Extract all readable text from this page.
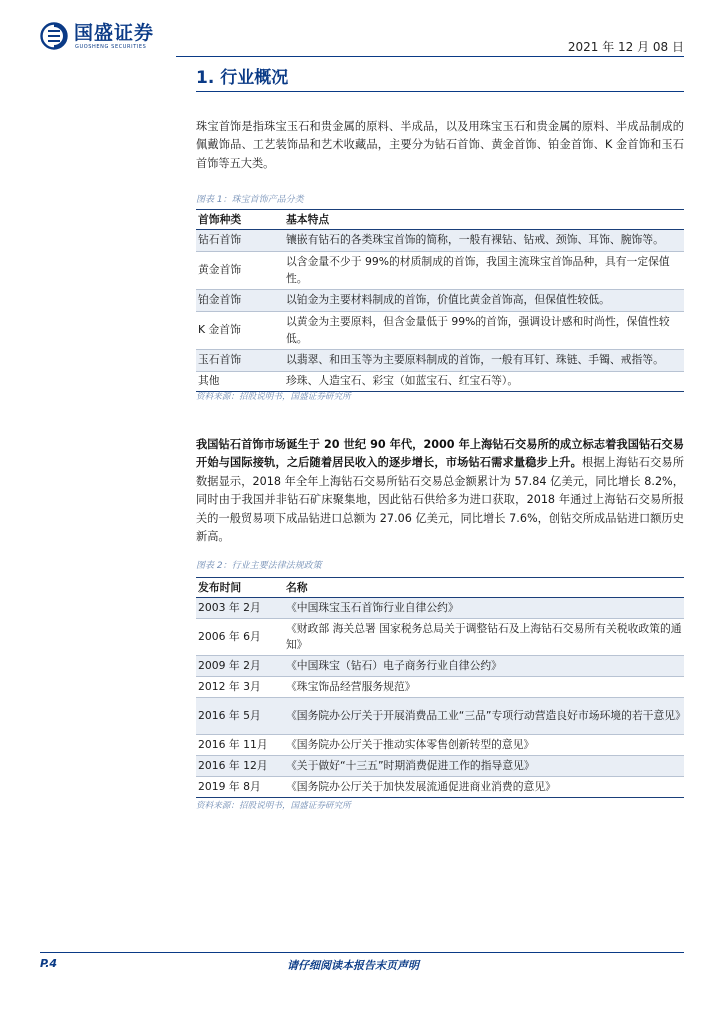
国盛证券
GUOSHENG SECURITIES	2021 年 12 月 08 日
1. 行业概况
珠宝首饰是指珠宝玉石和贵金属的原料、半成品，以及用珠宝玉石和贵金属的原料、半成品制成的佩戴饰品、工艺装饰品和艺术收藏品，主要分为钻石首饰、黄金首饰、铂金首饰、K 金首饰和玉石首饰等五大类。
图表 1：珠宝首饰产品分类
首饰种类	基本特点
钻石首饰	镶嵌有钻石的各类珠宝首饰的简称，一般有裸钻、钻戒、颈饰、耳饰、腕饰等。
黄金首饰	以含金量不少于 99%的材质制成的首饰，我国主流珠宝首饰品种，具有一定保值性。
铂金首饰	以铂金为主要材料制成的首饰，价值比黄金首饰高，但保值性较低。
K 金首饰	以黄金为主要原料，但含金量低于 99%的首饰，强调设计感和时尚性，保值性较低。
玉石首饰	以翡翠、和田玉等为主要原料制成的首饰，一般有耳钉、珠链、手镯、戒指等。
其他	珍珠、人造宝石、彩宝（如蓝宝石、红宝石等）。
资料来源：招股说明书，国盛证券研究所
我国钻石首饰市场诞生于 20 世纪 90 年代，2000 年上海钻石交易所的成立标志着我国钻石交易开始与国际接轨，之后随着居民收入的逐步增长，市场钻石需求量稳步上升。根据上海钻石交易所数据显示，2018 年全年上海钻石交易所钻石交易总金额累计为 57.84 亿美元，同比增长 8.2%，同时由于我国并非钻石矿床聚集地，因此钻石供给多为进口获取，2018 年通过上海钻石交易所报关的一般贸易项下成品钻进口总额为 27.06 亿美元，同比增长 7.6%，创钻交所成品钻进口额历史新高。
图表 2：行业主要法律法规政策
发布时间	名称
2003 年 2月	《中国珠宝玉石首饰行业自律公约》
2006 年 6月	《财政部 海关总署 国家税务总局关于调整钻石及上海钻石交易所有关税收政策的通知》
2009 年 2月	《中国珠宝（钻石）电子商务行业自律公约》
2012 年 3月	《珠宝饰品经营服务规范》
2016 年 5月	《国务院办公厅关于开展消费品工业“三品”专项行动营造良好市场环境的若干意见》
2016 年 11月	《国务院办公厅关于推动实体零售创新转型的意见》
2016 年 12月	《关于做好“十三五”时期消费促进工作的指导意见》
2019 年 8月	《国务院办公厅关于加快发展流通促进商业消费的意见》
资料来源：招股说明书，国盛证券研究所
P.4	请仔细阅读本报告末页声明
